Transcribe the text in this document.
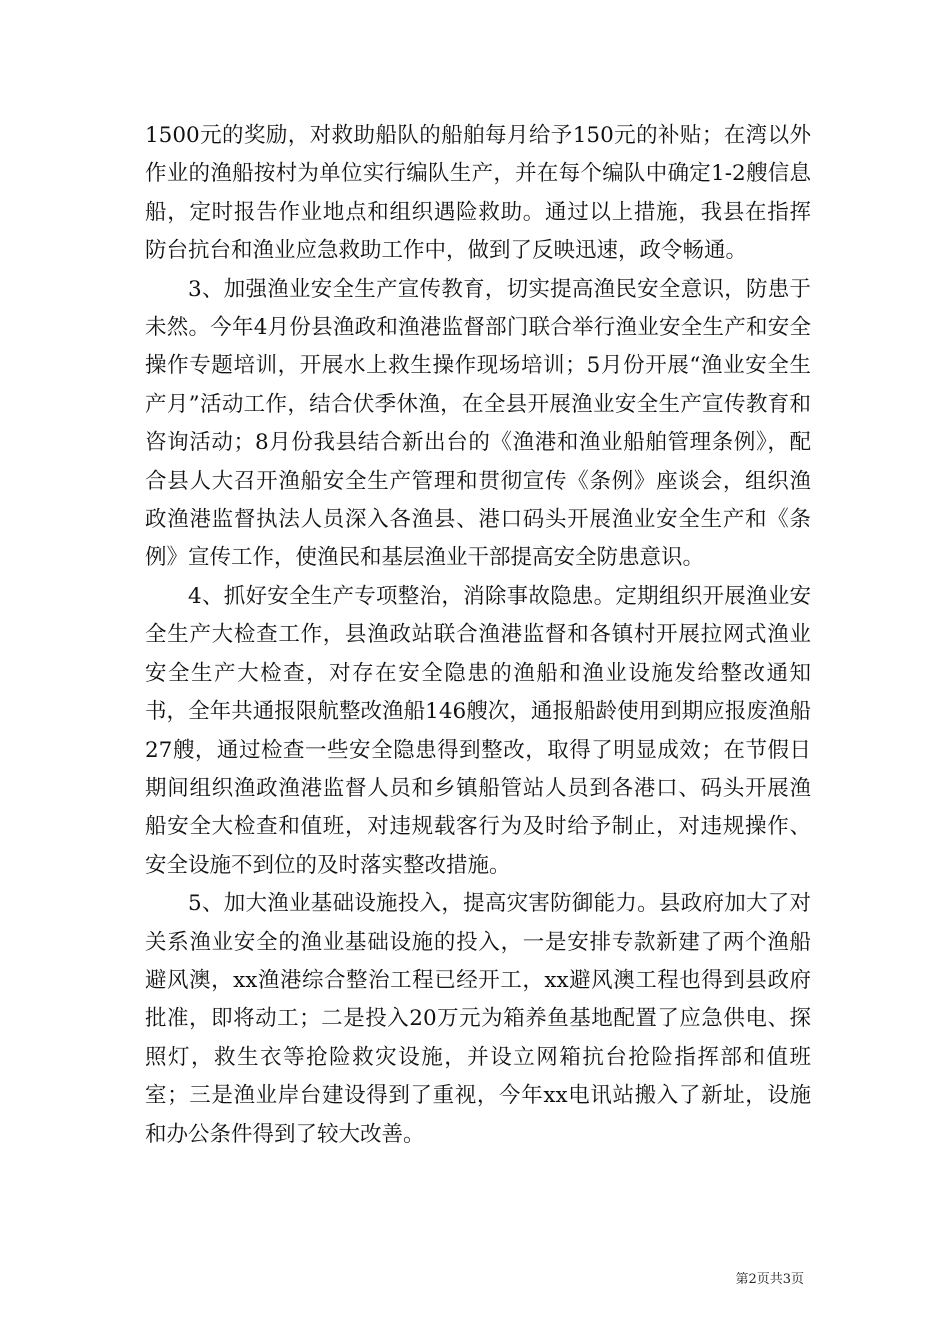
1500元的奖励，对救助船队的船舶每月给予150元的补贴；在湾以外作业的渔船按村为单位实行编队生产，并在每个编队中确定1-2艘信息船，定时报告作业地点和组织遇险救助。通过以上措施，我县在指挥防台抗台和渔业应急救助工作中，做到了反映迅速，政令畅通。

3、加强渔业安全生产宣传教育，切实提高渔民安全意识，防患于未然。今年4月份县渔政和渔港监督部门联合举行渔业安全生产和安全操作专题培训，开展水上救生操作现场培训；5月份开展“渔业安全生产月”活动工作，结合伏季休渔，在全县开展渔业安全生产宣传教育和咨询活动；8月份我县结合新出台的《渔港和渔业船舶管理条例》，配合县人大召开渔船安全生产管理和贯彻宣传《条例》座谈会，组织渔政渔港监督执法人员深入各渔县、港口码头开展渔业安全生产和《条例》宣传工作，使渔民和基层渔业干部提高安全防患意识。

4、抓好安全生产专项整治，消除事故隐患。定期组织开展渔业安全生产大检查工作，县渔政站联合渔港监督和各镇村开展拉网式渔业安全生产大检查，对存在安全隐患的渔船和渔业设施发给整改通知书，全年共通报限航整改渔船146艘次，通报船龄使用到期应报废渔船27艘，通过检查一些安全隐患得到整改，取得了明显成效；在节假日期间组织渔政渔港监督人员和乡镇船管站人员到各港口、码头开展渔船安全大检查和值班，对违规载客行为及时给予制止，对违规操作、安全设施不到位的及时落实整改措施。

5、加大渔业基础设施投入，提高灾害防御能力。县政府加大了对关系渔业安全的渔业基础设施的投入，一是安排专款新建了两个渔船避风澳，xx渔港综合整治工程已经开工，xx避风澳工程也得到县政府批准，即将动工；二是投入20万元为箱养鱼基地配置了应急供电、探照灯，救生衣等抢险救灾设施，并设立网箱抗台抢险指挥部和值班室；三是渔业岸台建设得到了重视，今年xx电讯站搬入了新址，设施和办公条件得到了较大改善。

第2页共3页
